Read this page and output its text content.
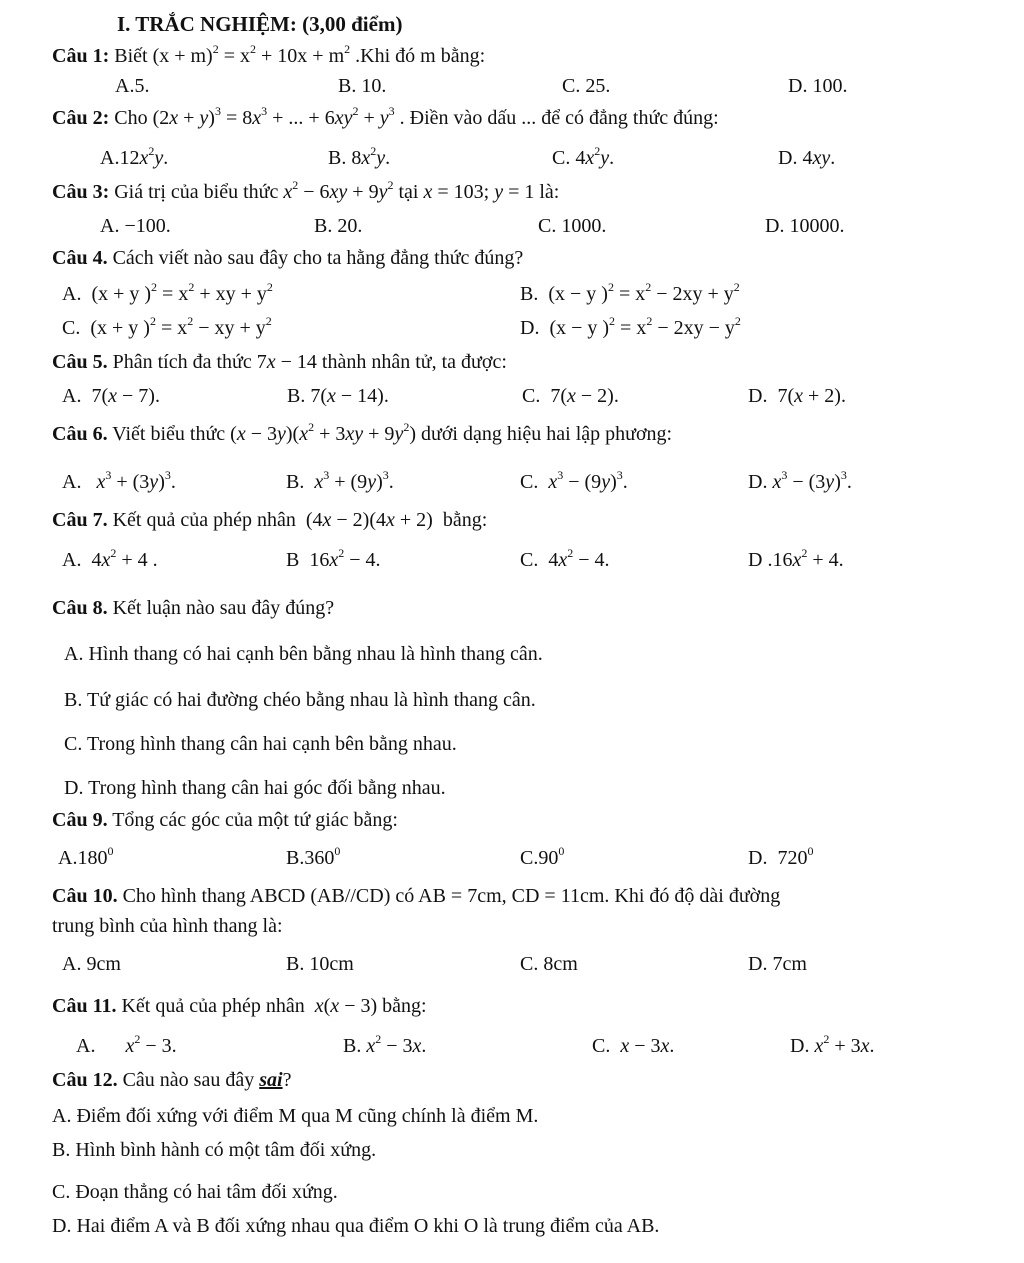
I. TRẮC NGHIỆM: (3,00 điểm)
Câu 1: Biết $(x + m)^2 = x^2 + 10x + m^2$ .Khi đó m bằng:
A.5.	B. 10.	C. 25.	D. 100.
Câu 2: Cho $(2x + y)^3 = 8x^3$ + ... + $6xy^2 + y^3$ . Điền vào dấu ... để có đẳng thức đúng:
$A.12x^2y$.	B. $8x^2y$.	C. $4x^2y$.	D. 4xy.
Câu 3: Giá trị của biểu thức $x^2 - 6xy + 9y^2$ tại x = 103; y = 1 là:
A. −100.	B. 20.	C. 1000.	D. 10000.
Câu 4. Cách viết nào sau đây cho ta hằng đẳng thức đúng?
A.  (x + y )$^2 = x^2$ + xy + $y^2$	B.  (x − y )$^2 = x^2 - 2xy + y^2$
C.  (x + y )$^2 = x^2$ − xy + $y^2$	D.  (x − y )$^2 = x^2 - 2xy - y^2$
Câu 5. Phân tích đa thức 7x − 14 thành nhân tử, ta được:
A.  7(x − 7).	B. 7(x − 14).	C.  7(x − 2).	D.  7(x + 2).
Câu 6. Viết biểu thức $(x - 3y)(x^2 + 3xy + 9y^2)$ dưới dạng hiệu hai lập phương:
A.   $x^3 + (3y)^3$.	B.  $x^3 + (9y)^3$.	C.  $x^3 - (9y)^3$.	D. $x^3 - (3y)^3$.
Câu 7. Kết quả của phép nhân  (4x − 2)(4x + 2)  bằng:
A.  $4x^2 + 4$ .	B  $16x^2 - 4$.	C.  $4x^2 - 4$.	D $.16x^2 + 4$.
Câu 8. Kết luận nào sau đây đúng?
A. Hình thang có hai cạnh bên bằng nhau là hình thang cân.
B. Tứ giác có hai đường chéo bằng nhau là hình thang cân.
C. Trong hình thang cân hai cạnh bên bằng nhau.
D. Trong hình thang cân hai góc đối bằng nhau.
Câu 9. Tổng các góc của một tứ giác bằng:
A.180$^0$	B.360$^0$	$C.90^0$	D.  $720^0$
Câu 10. Cho hình thang ABCD (AB//CD) có AB = 7cm, CD = 11cm. Khi đó độ dài đường
trung bình của hình thang là:
A. 9cm	B. 10cm	C. 8cm	D. 7cm
Câu 11. Kết quả của phép nhân  x(x − 3) bằng:
A.      $x^2 - 3$.	B. $x^2 - 3x$.	C.  x − 3x.	D. $x^2 + 3x$.
Câu 12. Câu nào sau đây sai?
A. Điểm đối xứng với điểm M qua M cũng chính là điểm M.
B. Hình bình hành có một tâm đối xứng.
C. Đoạn thẳng có hai tâm đối xứng.
D. Hai điểm A và B đối xứng nhau qua điểm O khi O là trung điểm của AB.
